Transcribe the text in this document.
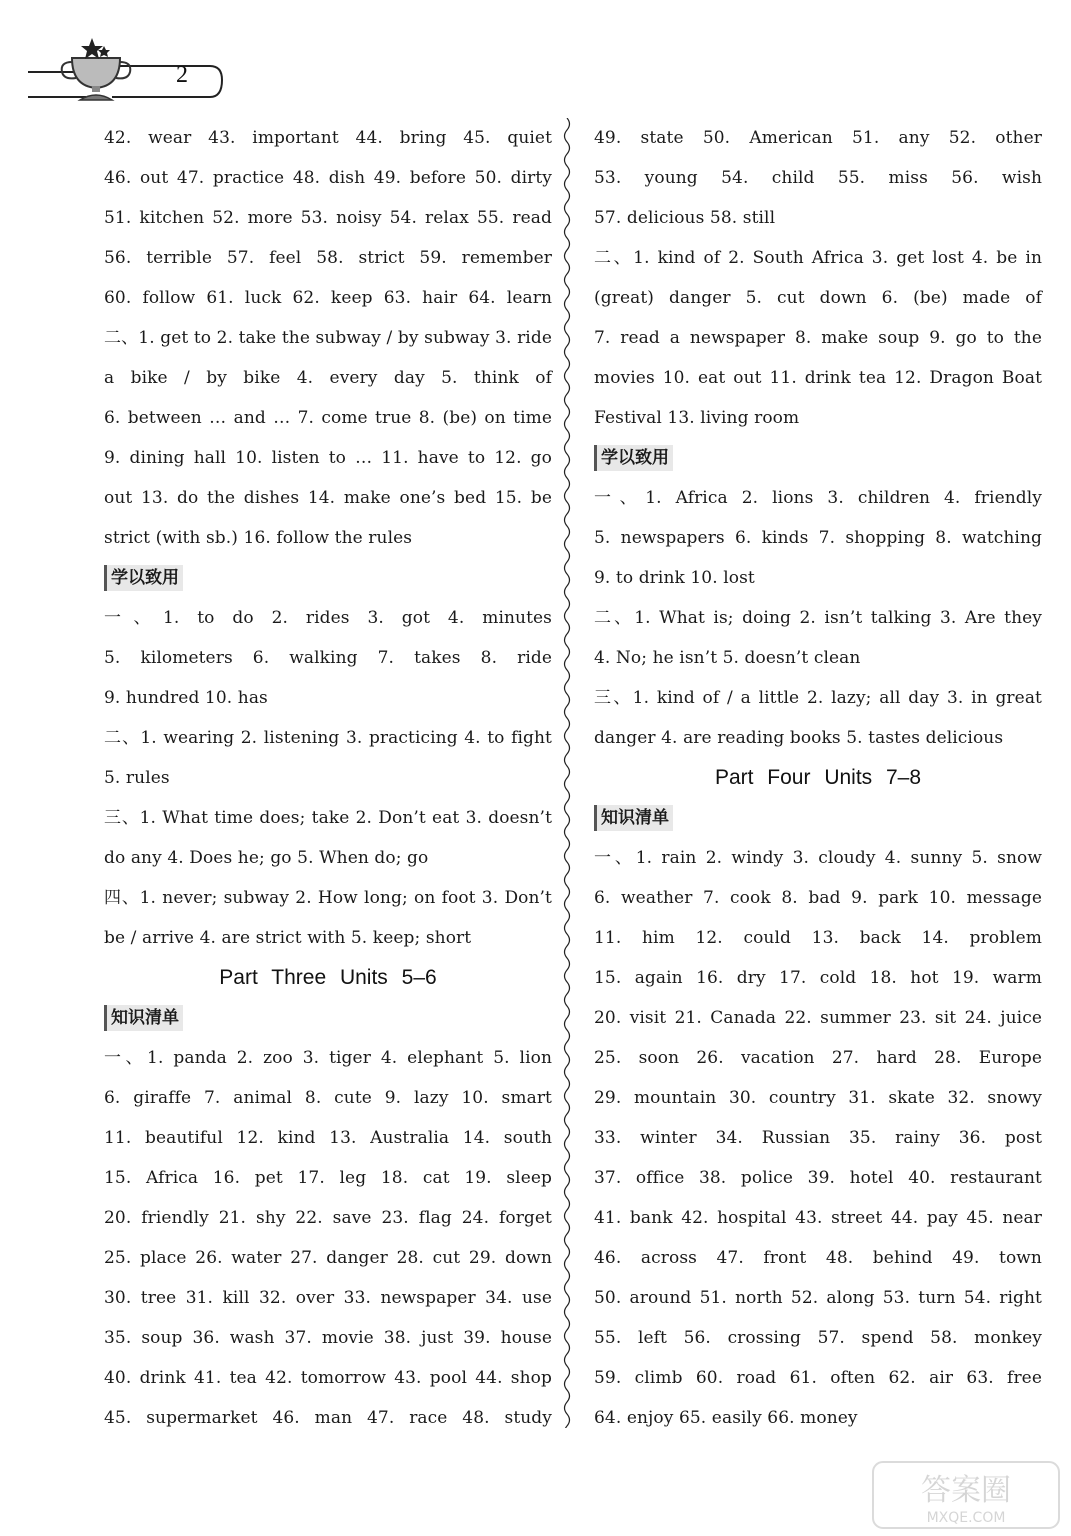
2
42. wear 43. important 44. bring 45. quiet
46. out 47. practice 48. dish 49. before 50. dirty
51. kitchen 52. more 53. noisy 54. relax 55. read
56. terrible 57. feel 58. strict 59. remember
60. follow 61. luck 62. keep 63. hair 64. learn
二、1. get to 2. take the subway / by subway 3. ride
a bike / by bike 4. every day 5. think of
6. between … and … 7. come true 8. (be) on time
9. dining hall 10. listen to … 11. have to 12. go
out 13. do the dishes 14. make one’s bed 15. be
strict (with sb.) 16. follow the rules
学以致用
一、1. to do 2. rides 3. got 4. minutes
5. kilometers 6. walking 7. takes 8. ride
9. hundred 10. has
二、1. wearing 2. listening 3. practicing 4. to fight
5. rules
三、1. What time does; take 2. Don’t eat 3. doesn’t
do any 4. Does he; go 5. When do; go
四、1. never; subway 2. How long; on foot 3. Don’t
be / arrive 4. are strict with 5. keep; short
Part Three Units 5–6
知识清单
一、1. panda 2. zoo 3. tiger 4. elephant 5. lion
6. giraffe 7. animal 8. cute 9. lazy 10. smart
11. beautiful 12. kind 13. Australia 14. south
15. Africa 16. pet 17. leg 18. cat 19. sleep
20. friendly 21. shy 22. save 23. flag 24. forget
25. place 26. water 27. danger 28. cut 29. down
30. tree 31. kill 32. over 33. newspaper 34. use
35. soup 36. wash 37. movie 38. just 39. house
40. drink 41. tea 42. tomorrow 43. pool 44. shop
45. supermarket 46. man 47. race 48. study
49. state 50. American 51. any 52. other
53. young 54. child 55. miss 56. wish
57. delicious 58. still
二、1. kind of 2. South Africa 3. get lost 4. be in
(great) danger 5. cut down 6. (be) made of
7. read a newspaper 8. make soup 9. go to the
movies 10. eat out 11. drink tea 12. Dragon Boat
Festival 13. living room
学以致用
一、1. Africa 2. lions 3. children 4. friendly
5. newspapers 6. kinds 7. shopping 8. watching
9. to drink 10. lost
二、1. What is; doing 2. isn’t talking 3. Are they
4. No; he isn’t 5. doesn’t clean
三、1. kind of / a little 2. lazy; all day 3. in great
danger 4. are reading books 5. tastes delicious
Part Four Units 7–8
知识清单
一、1. rain 2. windy 3. cloudy 4. sunny 5. snow
6. weather 7. cook 8. bad 9. park 10. message
11. him 12. could 13. back 14. problem
15. again 16. dry 17. cold 18. hot 19. warm
20. visit 21. Canada 22. summer 23. sit 24. juice
25. soon 26. vacation 27. hard 28. Europe
29. mountain 30. country 31. skate 32. snowy
33. winter 34. Russian 35. rainy 36. post
37. office 38. police 39. hotel 40. restaurant
41. bank 42. hospital 43. street 44. pay 45. near
46. across 47. front 48. behind 49. town
50. around 51. north 52. along 53. turn 54. right
55. left 56. crossing 57. spend 58. monkey
59. climb 60. road 61. often 62. air 63. free
64. enjoy 65. easily 66. money
答案圈
MXQE.COM
